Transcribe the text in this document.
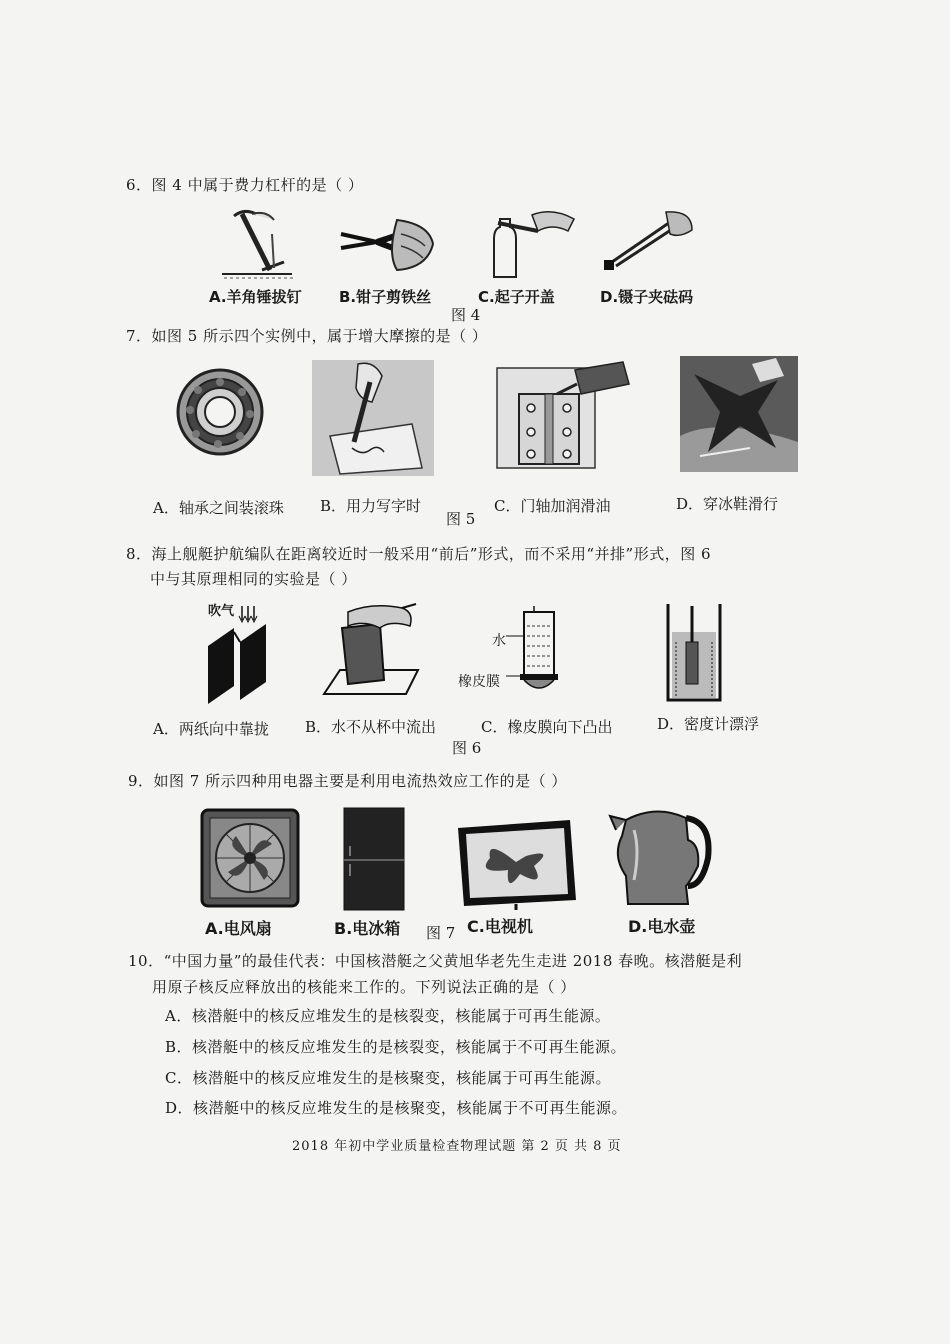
6．图 4 中属于费力杠杆的是（ ）
A.羊角锤拔钉 B.钳子剪铁丝	C.起子开盖	D.镊子夹砝码
图 4
7．如图 5 所示四个实例中，属于增大摩擦的是（ ）
A．轴承之间装滚珠 B．用力写字时	C．门轴加润滑油	D．穿冰鞋滑行
图 5
8．海上舰艇护航编队在距离较近时一般采用“前后”形式，而不采用“并排”形式，图 6
中与其原理相同的实验是（ ）
吹气
水
橡皮膜
A．两纸向中靠拢 B．水不从杯中流出	C．橡皮膜向下凸出	D．密度计漂浮
图 6
9．如图 7 所示四种用电器主要是利用电流热效应工作的是（ ）
A.电风扇	B.电冰箱 图 7 C.电视机	D.电水壶
10．“中国力量”的最佳代表：中国核潜艇之父黄旭华老先生走进 2018 春晚。核潜艇是利
用原子核反应释放出的核能来工作的。下列说法正确的是（ ）
A．核潜艇中的核反应堆发生的是核裂变，核能属于可再生能源。
B．核潜艇中的核反应堆发生的是核裂变，核能属于不可再生能源。
C．核潜艇中的核反应堆发生的是核聚变，核能属于可再生能源。
D．核潜艇中的核反应堆发生的是核聚变，核能属于不可再生能源。
2018 年初中学业质量检查物理试题 第 2 页 共 8 页
